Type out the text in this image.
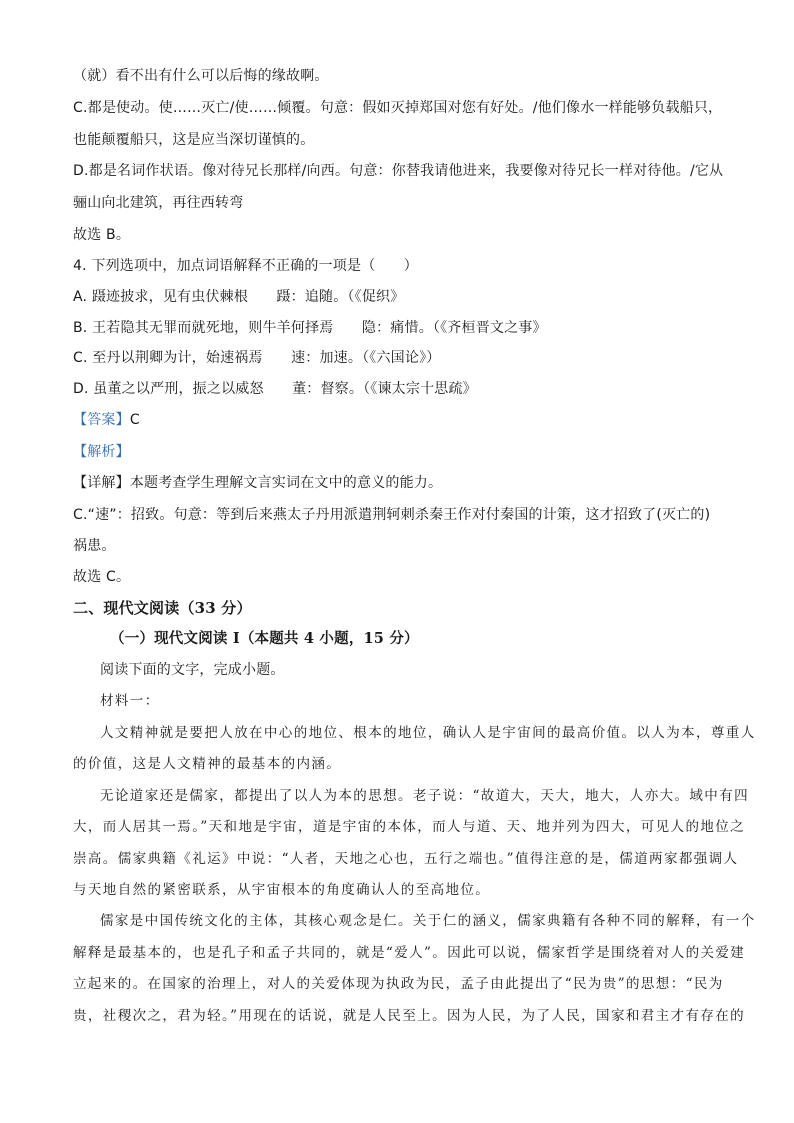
（就）看不出有什么可以后悔的缘故啊。
C.都是使动。使……灭亡/使……倾覆。句意：假如灭掉郑国对您有好处。/他们像水一样能够负载船只，
也能颠覆船只，这是应当深切谨慎的。
D.都是名词作状语。像对待兄长那样/向西。句意：你替我请他进来，我要像对待兄长一样对待他。/它从
骊山向北建筑，再往西转弯
故选 B。
4. 下列选项中，加点词语解释不正确的一项是（　　）
A. 蹑迹披求，见有虫伏棘根　　蹑：追随。（《促织》
B. 王若隐其无罪而就死地，则牛羊何择焉　　隐：痛惜。（《齐桓晋文之事》
C. 至丹以荆卿为计，始速祸焉　　速：加速。（《六国论》）
D. 虽董之以严刑，振之以威怒　　董：督察。（《谏太宗十思疏》
【答案】C
【解析】
【详解】本题考查学生理解文言实词在文中的意义的能力。
C.“速”：招致。句意：等到后来燕太子丹用派遣荆轲刺杀秦王作对付秦国的计策，这才招致了(灭亡的)
祸患。
故选 C。
二、现代文阅读（33 分）
（一）现代文阅读 I（本题共 4 小题，15 分）
阅读下面的文字，完成小题。
材料一：
人文精神就是要把人放在中心的地位、根本的地位，确认人是宇宙间的最高价值。以人为本，尊重人
的价值，这是人文精神的最基本的内涵。
无论道家还是儒家，都提出了以人为本的思想。老子说：“故道大，天大，地大，人亦大。域中有四
大，而人居其一焉。”天和地是宇宙，道是宇宙的本体，而人与道、天、地并列为四大，可见人的地位之
崇高。儒家典籍《礼运》中说：“人者，天地之心也，五行之端也。”值得注意的是，儒道两家都强调人
与天地自然的紧密联系，从宇宙根本的角度确认人的至高地位。
儒家是中国传统文化的主体，其核心观念是仁。关于仁的涵义，儒家典籍有各种不同的解释，有一个
解释是最基本的，也是孔子和孟子共同的，就是“爱人”。因此可以说，儒家哲学是围绕着对人的关爱建
立起来的。在国家的治理上，对人的关爱体现为执政为民，孟子由此提出了“民为贵”的思想：“民为
贵，社稷次之，君为轻。”用现在的话说，就是人民至上。因为人民，为了人民，国家和君主才有存在的
